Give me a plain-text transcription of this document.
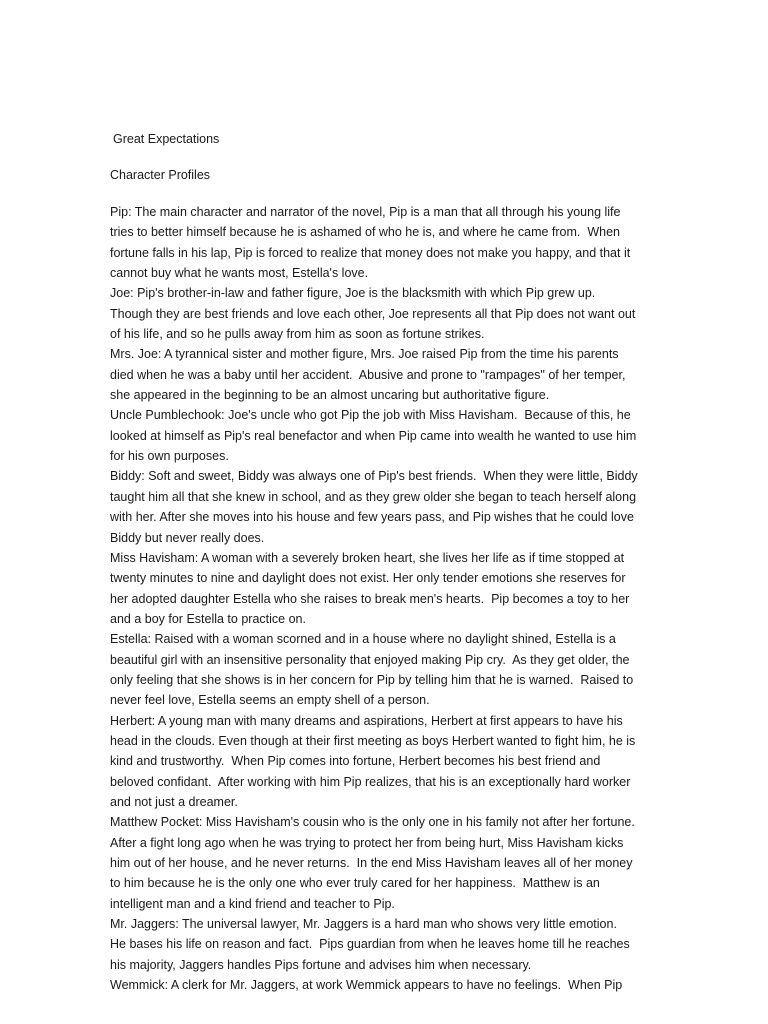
Great Expectations
Character Profiles
Pip: The main character and narrator of the novel, Pip is a man that all through his young life
tries to better himself because he is ashamed of who he is, and where he came from.  When
fortune falls in his lap, Pip is forced to realize that money does not make you happy, and that it
cannot buy what he wants most, Estella's love.
Joe: Pip's brother-in-law and father figure, Joe is the blacksmith with which Pip grew up.
Though they are best friends and love each other, Joe represents all that Pip does not want out
of his life, and so he pulls away from him as soon as fortune strikes.
Mrs. Joe: A tyrannical sister and mother figure, Mrs. Joe raised Pip from the time his parents
died when he was a baby until her accident.  Abusive and prone to "rampages" of her temper,
she appeared in the beginning to be an almost uncaring but authoritative figure.
Uncle Pumblechook: Joe's uncle who got Pip the job with Miss Havisham.  Because of this, he
looked at himself as Pip's real benefactor and when Pip came into wealth he wanted to use him
for his own purposes.
Biddy: Soft and sweet, Biddy was always one of Pip's best friends.  When they were little, Biddy
taught him all that she knew in school, and as they grew older she began to teach herself along
with her. After she moves into his house and few years pass, and Pip wishes that he could love
Biddy but never really does.
Miss Havisham: A woman with a severely broken heart, she lives her life as if time stopped at
twenty minutes to nine and daylight does not exist. Her only tender emotions she reserves for
her adopted daughter Estella who she raises to break men's hearts.  Pip becomes a toy to her
and a boy for Estella to practice on.
Estella: Raised with a woman scorned and in a house where no daylight shined, Estella is a
beautiful girl with an insensitive personality that enjoyed making Pip cry.  As they get older, the
only feeling that she shows is in her concern for Pip by telling him that he is warned.  Raised to
never feel love, Estella seems an empty shell of a person.
Herbert: A young man with many dreams and aspirations, Herbert at first appears to have his
head in the clouds. Even though at their first meeting as boys Herbert wanted to fight him, he is
kind and trustworthy.  When Pip comes into fortune, Herbert becomes his best friend and
beloved confidant.  After working with him Pip realizes, that his is an exceptionally hard worker
and not just a dreamer.
Matthew Pocket: Miss Havisham's cousin who is the only one in his family not after her fortune.
After a fight long ago when he was trying to protect her from being hurt, Miss Havisham kicks
him out of her house, and he never returns.  In the end Miss Havisham leaves all of her money
to him because he is the only one who ever truly cared for her happiness.  Matthew is an
intelligent man and a kind friend and teacher to Pip.
Mr. Jaggers: The universal lawyer, Mr. Jaggers is a hard man who shows very little emotion.
He bases his life on reason and fact.  Pips guardian from when he leaves home till he reaches
his majority, Jaggers handles Pips fortune and advises him when necessary.
Wemmick: A clerk for Mr. Jaggers, at work Wemmick appears to have no feelings.  When Pip
